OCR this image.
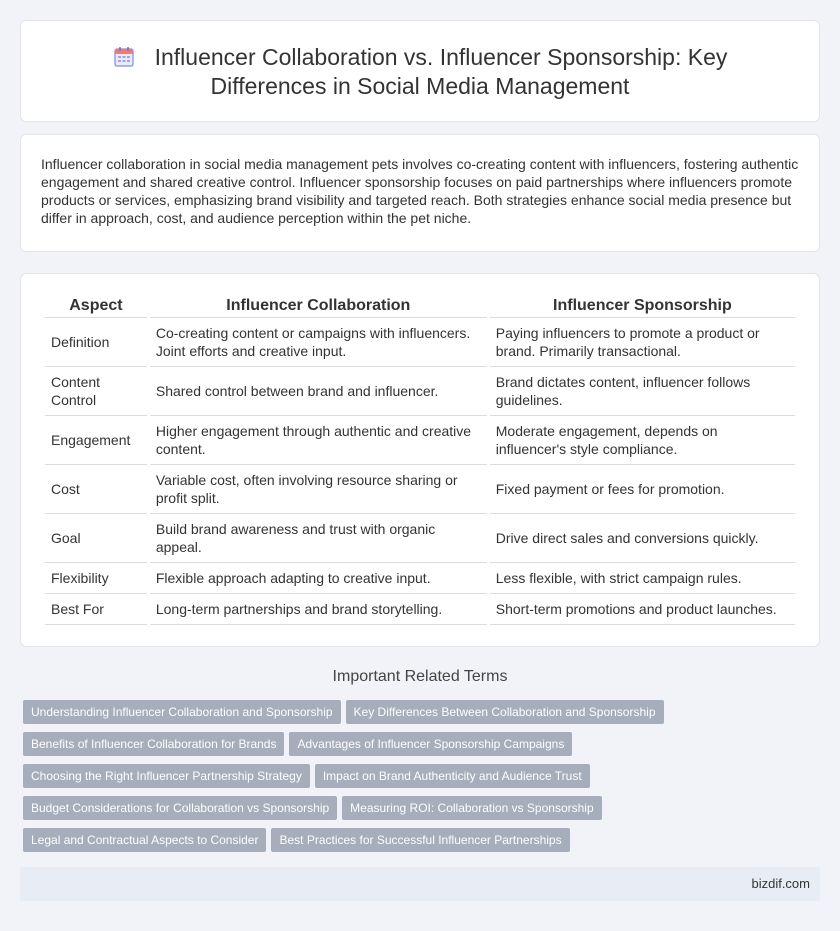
Influencer Collaboration vs. Influencer Sponsorship: Key
Differences in Social Media Management

Influencer collaboration in social media management pets involves co-creating content with influencers, fostering authentic engagement and shared creative control. Influencer sponsorship focuses on paid partnerships where influencers promote products or services, emphasizing brand visibility and targeted reach. Both strategies enhance social media presence but differ in approach, cost, and audience perception within the pet niche.

Aspect	Influencer Collaboration	Influencer Sponsorship
Definition	Co-creating content or campaigns with influencers. Joint efforts and creative input.	Paying influencers to promote a product or brand. Primarily transactional.
Content Control	Shared control between brand and influencer.	Brand dictates content, influencer follows guidelines.
Engagement	Higher engagement through authentic and creative content.	Moderate engagement, depends on influencer's style compliance.
Cost	Variable cost, often involving resource sharing or profit split.	Fixed payment or fees for promotion.
Goal	Build brand awareness and trust with organic appeal.	Drive direct sales and conversions quickly.
Flexibility	Flexible approach adapting to creative input.	Less flexible, with strict campaign rules.
Best For	Long-term partnerships and brand storytelling.	Short-term promotions and product launches.
Important Related Terms
Understanding Influencer Collaboration and Sponsorship Key Differences Between Collaboration and Sponsorship
Benefits of Influencer Collaboration for Brands Advantages of Influencer Sponsorship Campaigns
Choosing the Right Influencer Partnership Strategy Impact on Brand Authenticity and Audience Trust
Budget Considerations for Collaboration vs Sponsorship Measuring ROI: Collaboration vs Sponsorship
Legal and Contractual Aspects to Consider Best Practices for Successful Influencer Partnerships
bizdif.com
